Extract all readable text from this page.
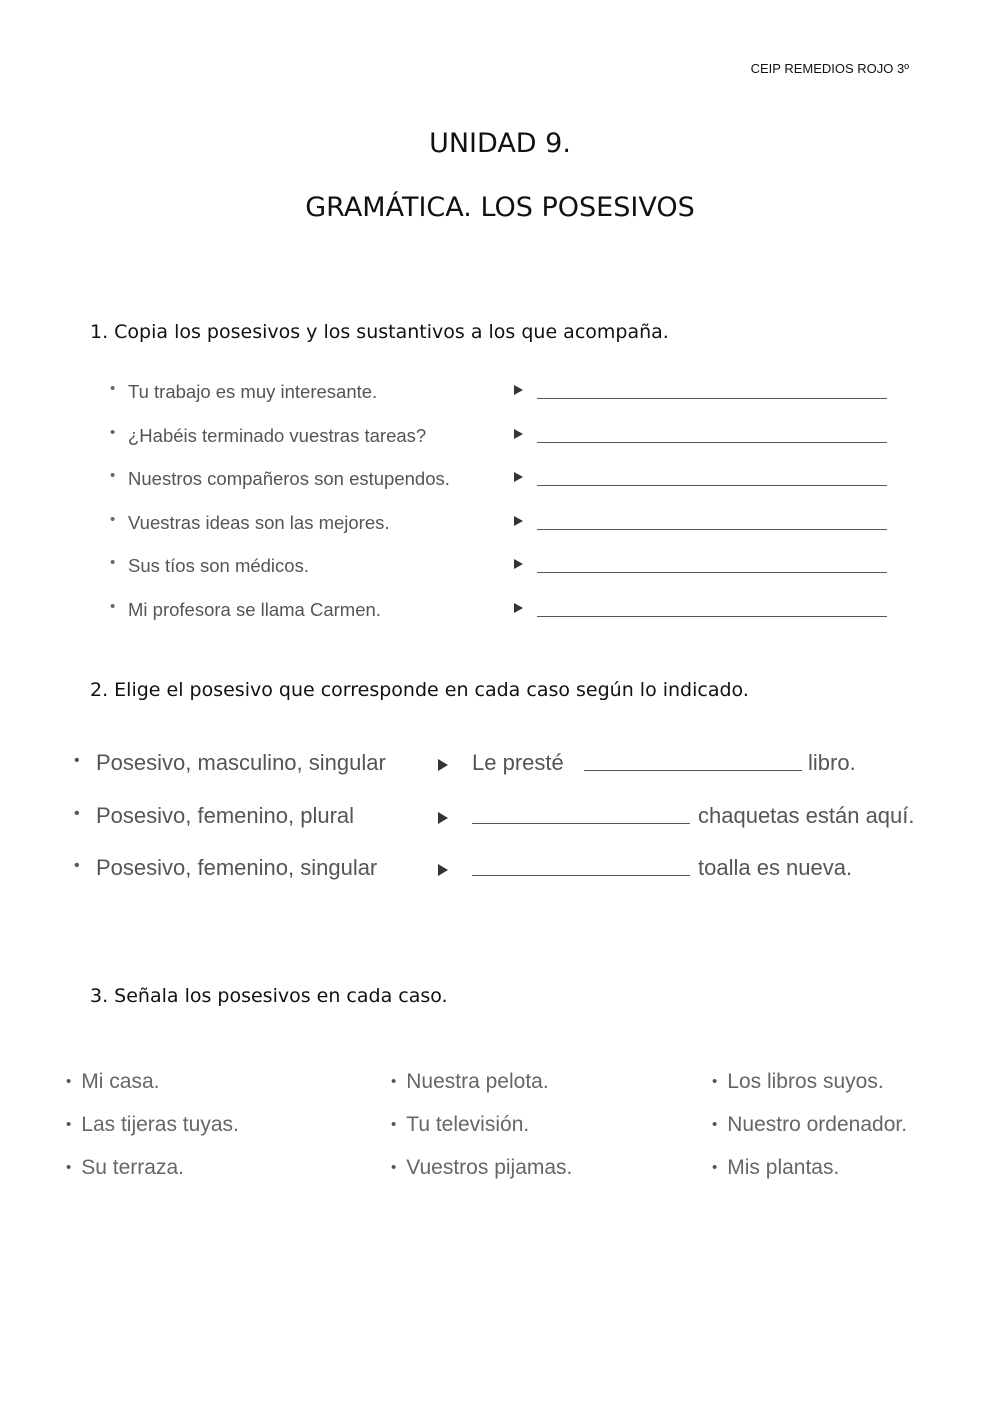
CEIP REMEDIOS ROJO 3º
UNIDAD 9.
GRAMÁTICA. LOS POSESIVOS
1. Copia los posesivos y los sustantivos a los que acompaña.
• Tu trabajo es muy interesante.
• ¿Habéis terminado vuestras tareas?
• Nuestros compañeros son estupendos.
• Vuestras ideas son las mejores.
• Sus tíos son médicos.
• Mi profesora se llama Carmen.
2. Elige el posesivo que corresponde en cada caso según lo indicado.
• Posesivo, masculino, singular	Le presté	libro.
• Posesivo, femenino, plural	chaquetas están aquí.
• Posesivo, femenino, singular	toalla es nueva.
3. Señala los posesivos en cada caso.
• Mi casa.
• Las tijeras tuyas.
• Su terraza.
• Nuestra pelota.
• Tu televisión.
• Vuestros pijamas.
• Los libros suyos.
• Nuestro ordenador.
• Mis plantas.
